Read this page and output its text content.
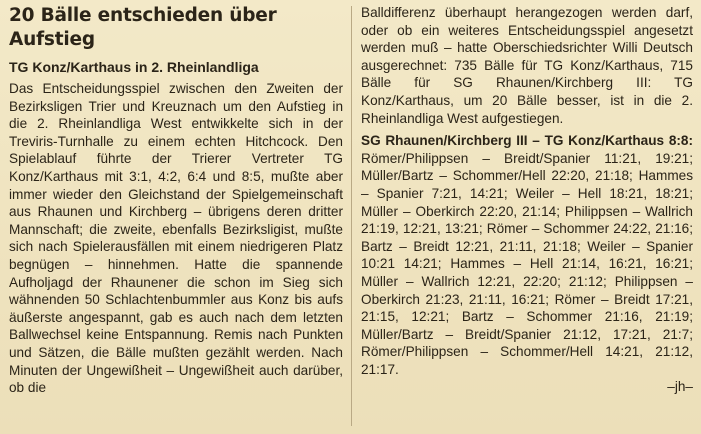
20 Bälle entschieden über Aufstieg
TG Konz/Karthaus in 2. Rheinlandliga

Das Entscheidungsspiel zwischen den Zweiten der Bezirksligen Trier und Kreuznach um den Aufstieg in die 2. Rheinlandliga West entwikkelte sich in der Treviris-Turnhalle zu einem echten Hitchcock. Den Spielablauf führte der Trierer Vertreter TG Konz/Karthaus mit 3:1, 4:2, 6:4 und 8:5, mußte aber immer wieder den Gleichstand der Spielgemeinschaft aus Rhaunen und Kirchberg – übrigens deren dritter Mannschaft; die zweite, ebenfalls Bezirksligist, mußte sich nach Spielerausfällen mit einem niedrigeren Platz begnügen – hinnehmen. Hatte die spannende Aufholjagd der Rhaunener die schon im Sieg sich wähnenden 50 Schlachtenbummler aus Konz bis aufs äußerste angespannt, gab es auch nach dem letzten Ballwechsel keine Entspannung. Remis nach Punkten und Sätzen, die Bälle mußten gezählt werden. Nach Minuten der Ungewißheit – Ungewißheit auch darüber, ob die

Balldifferenz überhaupt herangezogen werden darf, oder ob ein weiteres Entscheidungsspiel angesetzt werden muß – hatte Oberschiedsrichter Willi Deutsch ausgerechnet: 735 Bälle für TG Konz/Karthaus, 715 Bälle für SG Rhaunen/Kirchberg III: TG Konz/Karthaus, um 20 Bälle besser, ist in die 2. Rheinlandliga West aufgestiegen.

SG Rhaunen/Kirchberg III – TG Konz/Karthaus 8:8: Römer/Philippsen – Breidt/Spanier 11:21, 19:21; Müller/Bartz – Schommer/Hell 22:20, 21:18; Hammes – Spanier 7:21, 14:21; Weiler – Hell 18:21, 18:21; Müller – Oberkirch 22:20, 21:14; Philippsen – Wallrich 21:19, 12:21, 13:21; Römer – Schommer 24:22, 21:16; Bartz – Breidt 12:21, 21:11, 21:18; Weiler – Spanier 10:21 14:21; Hammes – Hell 21:14, 16:21, 16:21; Müller – Wallrich 12:21, 22:20; 21:12; Philippsen – Oberkirch 21:23, 21:11, 16:21; Römer – Breidt 17:21, 21:15, 12:21; Bartz – Schommer 21:16, 21:19; Müller/Bartz – Breidt/Spanier 21:12, 17:21, 21:7; Römer/Philippsen – Schommer/Hell 14:21, 21:12, 21:17.

–jh–
